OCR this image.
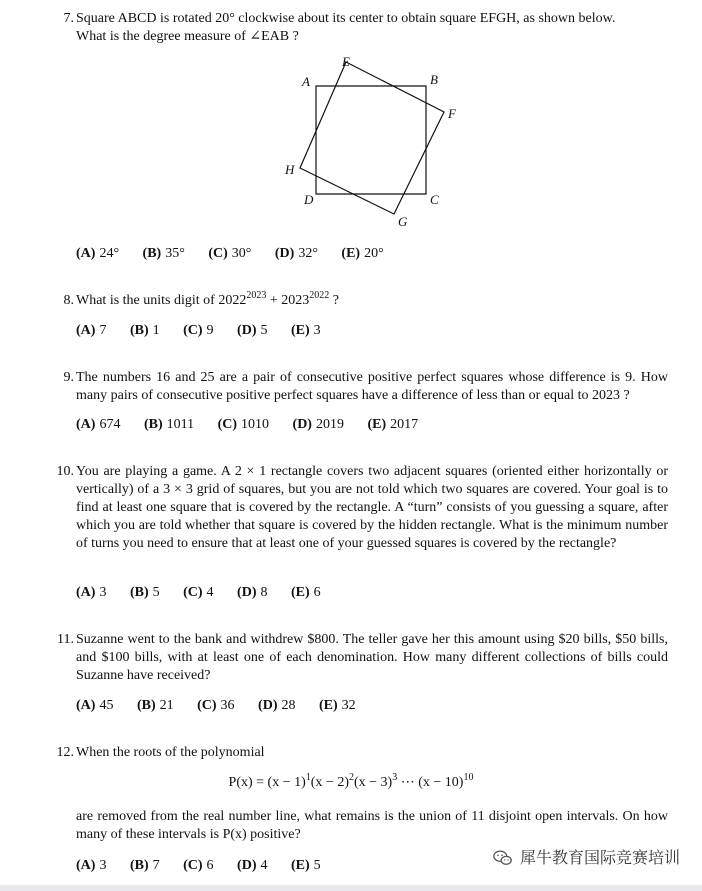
7. Square ABCD is rotated 20° clockwise about its center to obtain square EFGH, as shown below.

What is the degree measure of ∠EAB ?

A	B
C
D
E
F
G
H
(A) 24° (B) 35° (C) 30° (D) 32° (E) 20°
8. What is the units digit of $2022^{2023} + 2023^{2022}$ ?

(A) 7 (B) 1 (C) 9 (D) 5 (E) 3
9. The numbers 16 and 25 are a pair of consecutive positive perfect squares whose difference is 9. How many pairs of consecutive positive perfect squares have a difference of less than or equal to 2023 ?

(A) 674 (B) 1011 (C) 1010 (D) 2019 (E) 2017
10. You are playing a game. A 2 × 1 rectangle covers two adjacent squares (oriented either horizontally or vertically) of a 3 × 3 grid of squares, but you are not told which two squares are covered. Your goal is to find at least one square that is covered by the rectangle. A “turn” consists of you guessing a square, after which you are told whether that square is covered by the hidden rectangle. What is the minimum number of turns you need to ensure that at least one of your guessed squares is covered by the rectangle?

(A) 3 (B) 5 (C) 4 (D) 8 (E) 6
11. Suzanne went to the bank and withdrew $800. The teller gave her this amount using $20 bills, $50 bills, and $100 bills, with at least one of each denomination. How many different collections of bills could Suzanne have received?

(A) 45 (B) 21 (C) 36 (D) 28 (E) 32
12. When the roots of the polynomial

$P(x) = (x - 1)^1(x - 2)^2(x - 3)^3$ ⋯ $(x - 10)^{10}$

are removed from the real number line, what remains is the union of 11 disjoint open intervals. On how many of these intervals is P(x) positive?

(A) 3 (B) 7 (C) 6 (D) 4 (E) 5	犀牛教育国际竞赛培训
